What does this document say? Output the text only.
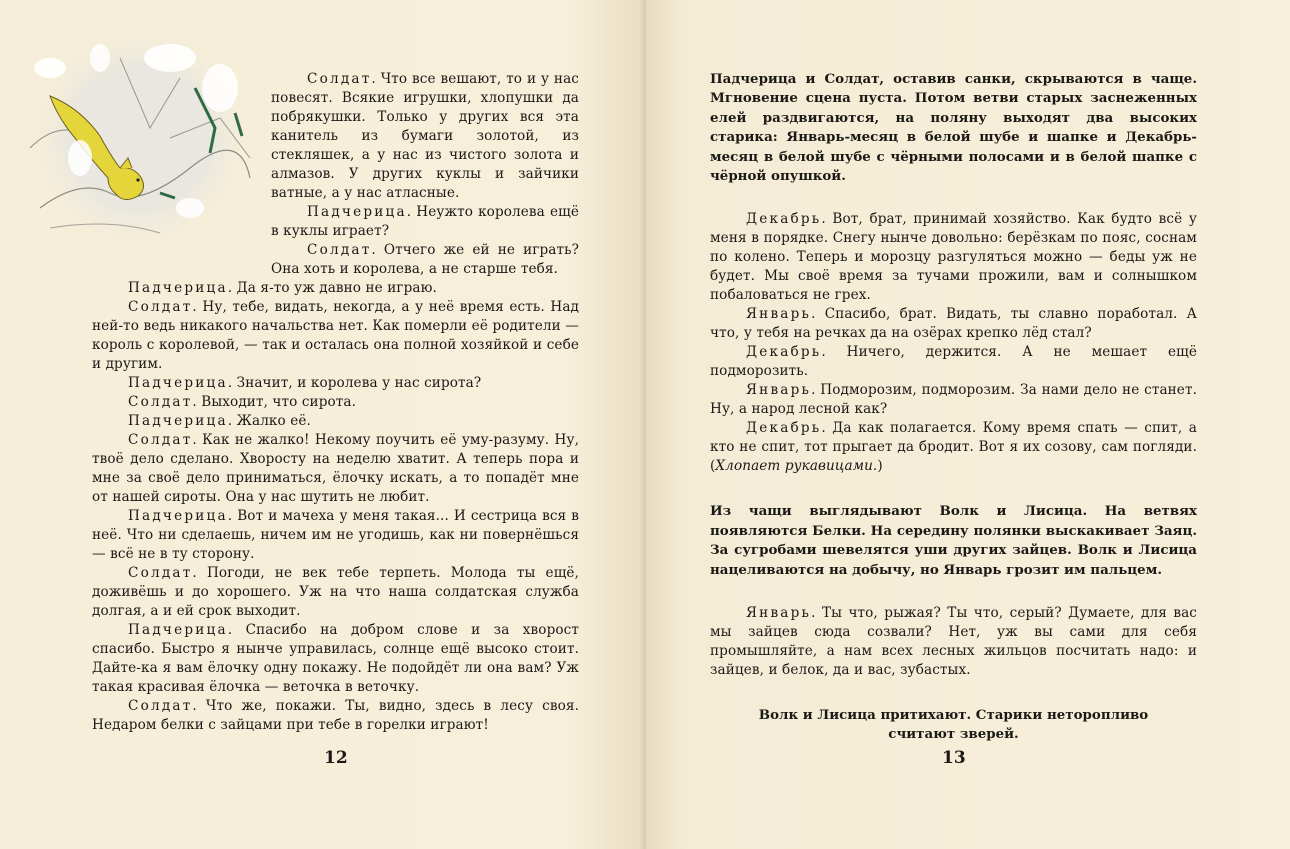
Солдат. Что все вешают, то и у нас повесят. Всякие игрушки, хлопушки да побрякушки. Только у других вся эта канитель из бумаги золотой, из стекляшек, а у нас из чистого золота и алмазов. У других куклы и зайчики ватные, а у нас атласные.

Падчерица. Неужто королева ещё в куклы играет?

Солдат. Отчего же ей не играть? Она хоть и королева, а не старше тебя.

Падчерица. Да я-то уж давно не играю.

Солдат. Ну, тебе, видать, некогда, а у неё время есть. Над ней-то ведь никакого начальства нет. Как померли её родители — король с королевой, — так и осталась она полной хозяйкой и себе и другим.

Падчерица. Значит, и королева у нас сирота?

Солдат. Выходит, что сирота.

Падчерица. Жалко её.

Солдат. Как не жалко! Некому поучить её уму-разуму. Ну, твоё дело сделано. Хворосту на неделю хватит. А теперь пора и мне за своё дело приниматься, ёлочку искать, а то попадёт мне от нашей сироты. Она у нас шутить не любит.

Падчерица. Вот и мачеха у меня такая... И сестрица вся в неё. Что ни сделаешь, ничем им не угодишь, как ни повернёшься — всё не в ту сторону.

Солдат. Погоди, не век тебе терпеть. Молода ты ещё, доживёшь и до хорошего. Уж на что наша солдатская служба долгая, а и ей срок выходит.

Падчерица. Спасибо на добром слове и за хворост спасибо. Быстро я нынче управилась, солнце ещё высоко стоит. Дайте-ка я вам ёлочку одну покажу. Не подойдёт ли она вам? Уж такая красивая ёлочка — веточка в веточку.

Солдат. Что же, покажи. Ты, видно, здесь в лесу своя. Недаром белки с зайцами при тебе в горелки играют!

12

Падчерица и Солдат, оставив санки, скрываются в чаще. Мгновение сцена пуста. Потом ветви старых заснеженных елей раздвигаются, на поляну выходят два высоких старика: Январь-месяц в белой шубе и шапке и Декабрь-месяц в белой шубе с чёрными полосами и в белой шапке с чёрной опушкой.

Декабрь. Вот, брат, принимай хозяйство. Как будто всё у меня в порядке. Снегу нынче довольно: берёзкам по пояс, соснам по колено. Теперь и морозцу разгуляться можно — беды уж не будет. Мы своё время за тучами прожили, вам и солнышком побаловаться не грех.

Январь. Спасибо, брат. Видать, ты славно поработал. А что, у тебя на речках да на озёрах крепко лёд стал?

Декабрь. Ничего, держится. А не мешает ещё подморозить.

Январь. Подморозим, подморозим. За нами дело не станет. Ну, а народ лесной как?

Декабрь. Да как полагается. Кому время спать — спит, а кто не спит, тот прыгает да бродит. Вот я их созову, сам погляди. (Хлопает рукавицами.)

Из чащи выглядывают Волк и Лисица. На ветвях появляются Белки. На середину полянки выскакивает Заяц. За сугробами шевелятся уши других зайцев. Волк и Лисица нацеливаются на добычу, но Январь грозит им пальцем.

Январь. Ты что, рыжая? Ты что, серый? Думаете, для вас мы зайцев сюда созвали? Нет, уж вы сами для себя промышляйте, а нам всех лесных жильцов посчитать надо: и зайцев, и белок, да и вас, зубастых.

Волк и Лисица притихают. Старики неторопливо считают зверей.

13
